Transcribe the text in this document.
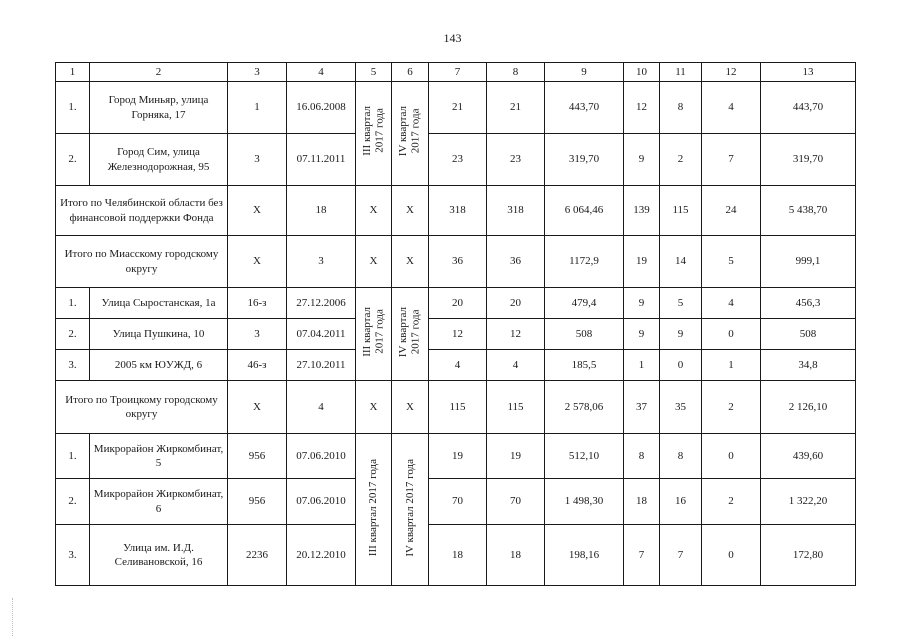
143
1	2	3	4	5	6	7	8	9	10	11	12	13
1.	Город Миньяр, улица Горняка, 17	1	16.06.2008	III квартал 2017 года	IV квартал 2017 года	21	21	443,70	12	8	4	443,70
2.	Город Сим, улица Железнодорожная, 95	3	07.11.2011			23	23	319,70	9	2	7	319,70
Итого по Челябинской области без финансовой поддержки Фонда		Х	18	Х	Х	318	318	6 064,46	139	115	24	5 438,70
Итого по Миасскому городскому округу		Х	3	Х	Х	36	36	1172,9	19	14	5	999,1
1.	Улица Сыростанская, 1а	16-з	27.12.2006	III квартал 2017 года	IV квартал 2017 года	20	20	479,4	9	5	4	456,3
2.	Улица Пушкина, 10	3	07.04.2011			12	12	508	9	9	0	508
3.	2005 км ЮУЖД, 6	46-з	27.10.2011			4	4	185,5	1	0	1	34,8
Итого по Троицкому городскому округу		Х	4	Х	Х	115	115	2 578,06	37	35	2	2 126,10
1.	Микрорайон Жиркомбинат, 5	956	07.06.2010	III квартал 2017 года	IV квартал 2017 года	19	19	512,10	8	8	0	439,60
2.	Микрорайон Жиркомбинат, 6	956	07.06.2010			70	70	1 498,30	18	16	2	1 322,20
3.	Улица им. И.Д. Селивановской, 16	2236	20.12.2010			18	18	198,16	7	7	0	172,80
